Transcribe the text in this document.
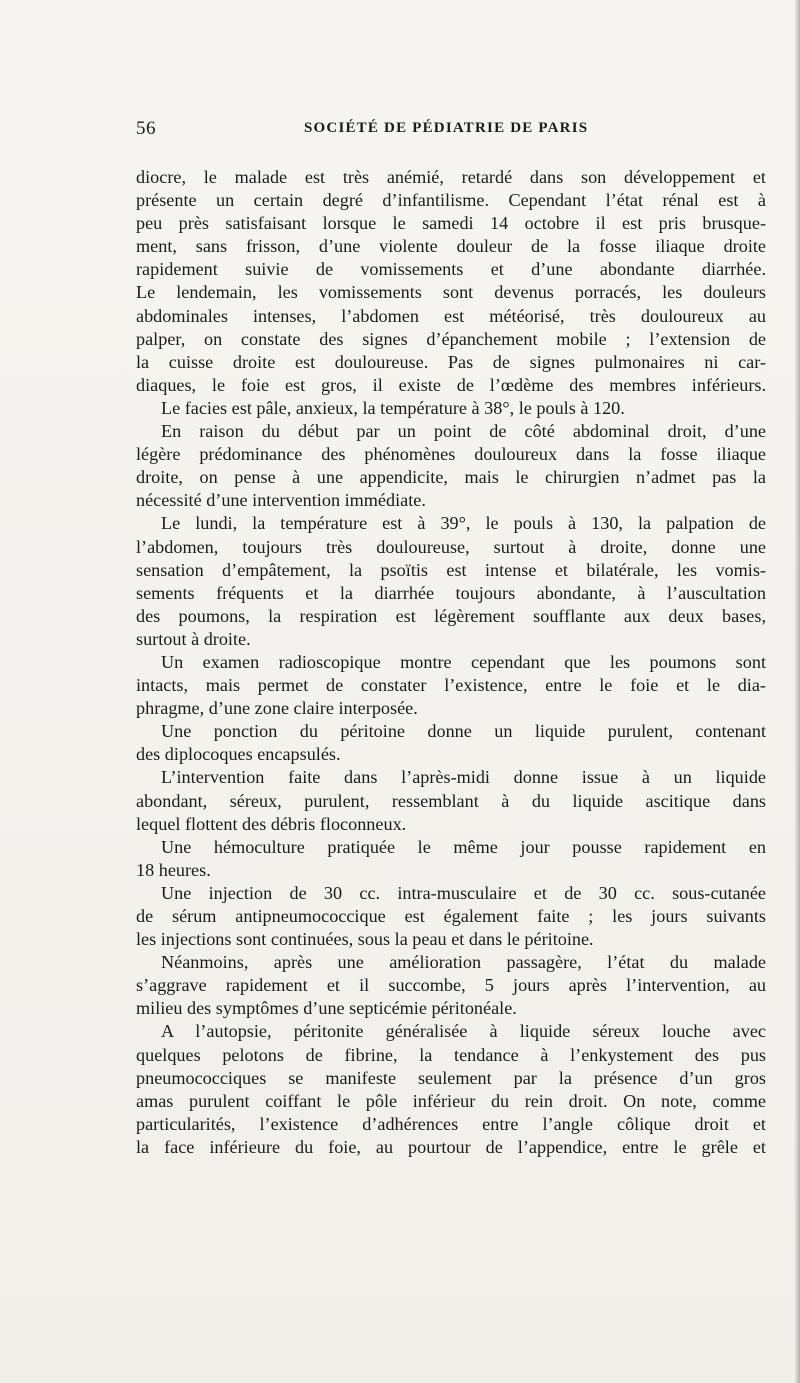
56	SOCIÉTÉ DE PÉDIATRIE DE PARIS
diocre, le malade est très anémié, retardé dans son développement et
présente un certain degré d’infantilisme. Cependant l’état rénal est à
peu près satisfaisant lorsque le samedi 14 octobre il est pris brusque-
ment, sans frisson, d’une violente douleur de la fosse iliaque droite
rapidement suivie de vomissements et d’une abondante diarrhée.
Le lendemain, les vomissements sont devenus porracés, les douleurs
abdominales intenses, l’abdomen est météorisé, très douloureux au
palper, on constate des signes d’épanchement mobile ; l’extension de
la cuisse droite est douloureuse. Pas de signes pulmonaires ni car-
diaques, le foie est gros, il existe de l’œdème des membres inférieurs.
Le facies est pâle, anxieux, la température à 38°, le pouls à 120.
En raison du début par un point de côté abdominal droit, d’une
légère prédominance des phénomènes douloureux dans la fosse iliaque
droite, on pense à une appendicite, mais le chirurgien n’admet pas la
nécessité d’une intervention immédiate.
Le lundi, la température est à 39°, le pouls à 130, la palpation de
l’abdomen, toujours très douloureuse, surtout à droite, donne une
sensation d’empâtement, la psoïtis est intense et bilatérale, les vomis-
sements fréquents et la diarrhée toujours abondante, à l’auscultation
des poumons, la respiration est légèrement soufflante aux deux bases,
surtout à droite.
Un examen radioscopique montre cependant que les poumons sont
intacts, mais permet de constater l’existence, entre le foie et le dia-
phragme, d’une zone claire interposée.
Une ponction du péritoine donne un liquide purulent, contenant
des diplocoques encapsulés.
L’intervention faite dans l’après-midi donne issue à un liquide
abondant, séreux, purulent, ressemblant à du liquide ascitique dans
lequel flottent des débris floconneux.
Une hémoculture pratiquée le même jour pousse rapidement en
18 heures.
Une injection de 30 cc. intra-musculaire et de 30 cc. sous-cutanée
de sérum antipneumococcique est également faite ; les jours suivants
les injections sont continuées, sous la peau et dans le péritoine.
Néanmoins, après une amélioration passagère, l’état du malade
s’aggrave rapidement et il succombe, 5 jours après l’intervention, au
milieu des symptômes d’une septicémie péritonéale.
A l’autopsie, péritonite généralisée à liquide séreux louche avec
quelques pelotons de fibrine, la tendance à l’enkystement des pus
pneumococciques se manifeste seulement par la présence d’un gros
amas purulent coiffant le pôle inférieur du rein droit. On note, comme
particularités, l’existence d’adhérences entre l’angle côlique droit et
la face inférieure du foie, au pourtour de l’appendice, entre le grêle et
